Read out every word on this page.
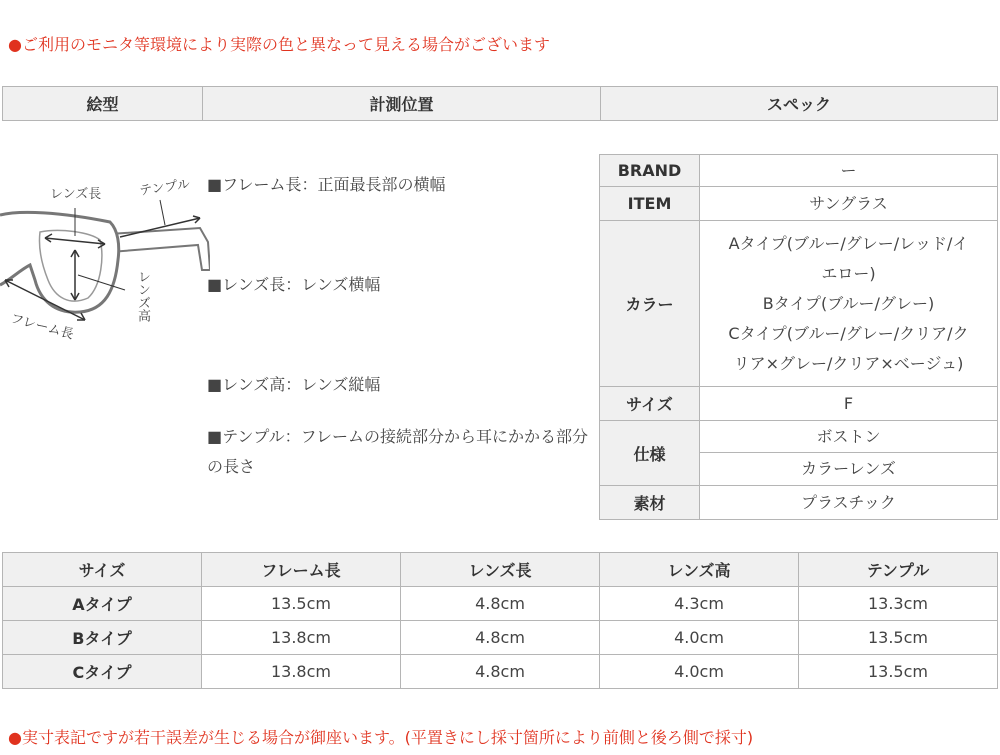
●ご利用のモニタ等環境により実際の色と異なって見える場合がございます
絵型	計測位置	スペック
レンズ長	テンプル
フレーム長
レンズ高
■フレーム長：正面最長部の横幅
■レンズ長：レンズ横幅
■レンズ高：レンズ縦幅
■テンプル：フレームの接続部分から耳にかかる部分の長さ
BRAND	ー
ITEM	サングラス
カラー	Aタイプ(ブルー/グレー/レッド/イ
エロー)
Bタイプ(ブルー/グレー)
Cタイプ(ブルー/グレー/クリア/ク
リア×グレー/クリア×ベージュ)

サイズ	F
仕様	ボストン
	カラーレンズ
素材	プラスチック
サイズ	フレーム長	レンズ長	レンズ高	テンプル
Aタイプ	13.5cm	4.8cm	4.3cm	13.3cm
Bタイプ	13.8cm	4.8cm	4.0cm	13.5cm
Cタイプ	13.8cm	4.8cm	4.0cm	13.5cm
●実寸表記ですが若干誤差が生じる場合が御座います。(平置きにし採寸箇所により前側と後ろ側で採寸)
